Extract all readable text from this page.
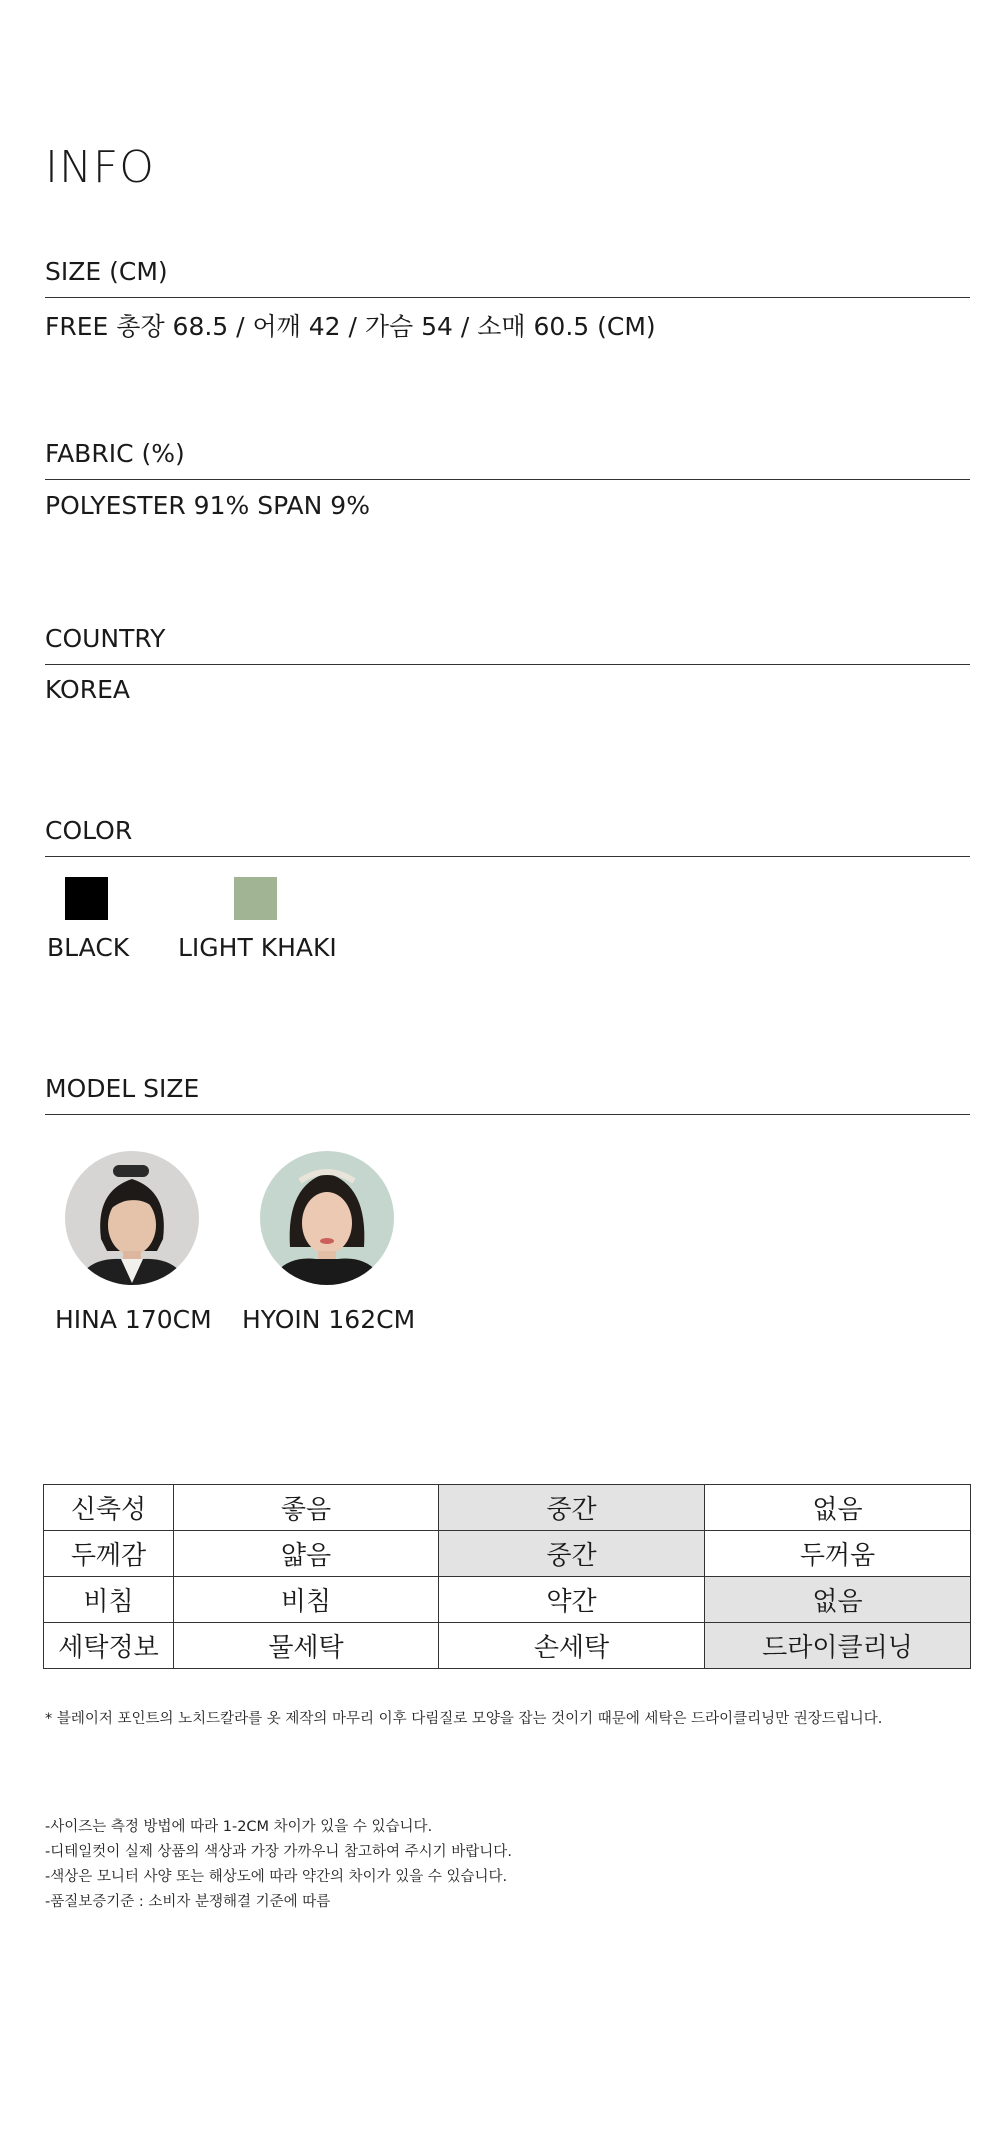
INFO
SIZE (CM)
FREE 총장 68.5 / 어깨 42 / 가슴 54 / 소매 60.5 (CM)
FABRIC (%)
POLYESTER 91% SPAN 9%
COUNTRY
KOREA
COLOR
BLACK LIGHT KHAKI
MODEL SIZE
HINA 170CM HYOIN 162CM
신축성	좋음	중간	없음
두께감	얇음	중간	두꺼움
비침	비침	약간	없음
세탁정보	물세탁	손세탁	드라이클리닝
* 블레이저 포인트의 노치드칼라를 옷 제작의 마무리 이후 다림질로 모양을 잡는 것이기 때문에 세탁은 드라이클리닝만 권장드립니다.
-사이즈는 측정 방법에 따라 1-2CM 차이가 있을 수 있습니다.
-디테일컷이 실제 상품의 색상과 가장 가까우니 참고하여 주시기 바랍니다.
-색상은 모니터 사양 또는 해상도에 따라 약간의 차이가 있을 수 있습니다.
-품질보증기준 : 소비자 분쟁해결 기준에 따름
